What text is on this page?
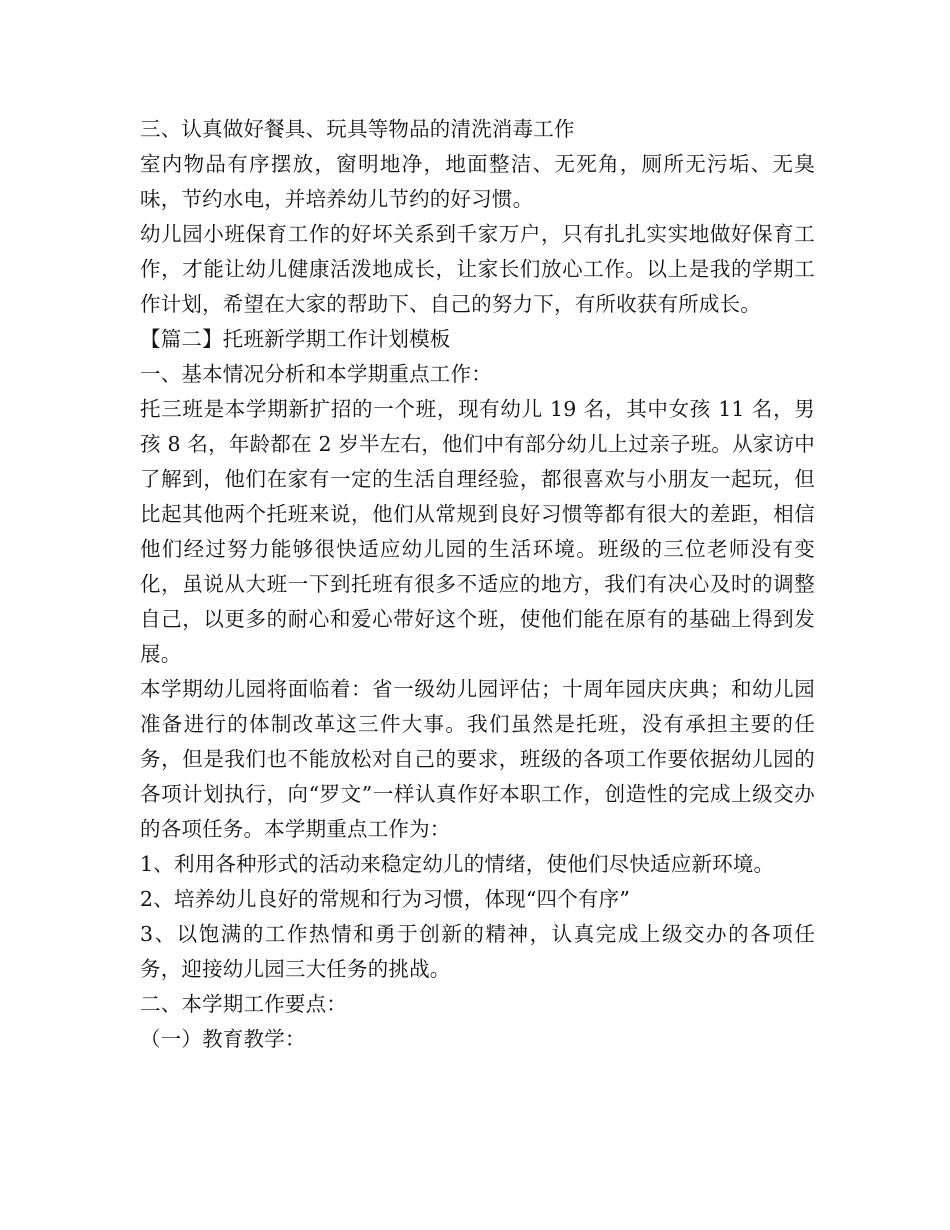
三、认真做好餐具、玩具等物品的清洗消毒工作

室内物品有序摆放，窗明地净，地面整洁、无死角，厕所无污垢、无臭味，节约水电，并培养幼儿节约的好习惯。

幼儿园小班保育工作的好坏关系到千家万户，只有扎扎实实地做好保育工作，才能让幼儿健康活泼地成长，让家长们放心工作。以上是我的学期工作计划，希望在大家的帮助下、自己的努力下，有所收获有所成长。

【篇二】托班新学期工作计划模板

一、基本情况分析和本学期重点工作：

托三班是本学期新扩招的一个班，现有幼儿 19 名，其中女孩 11 名，男孩 8 名，年龄都在 2 岁半左右，他们中有部分幼儿上过亲子班。从家访中了解到，他们在家有一定的生活自理经验，都很喜欢与小朋友一起玩，但比起其他两个托班来说，他们从常规到良好习惯等都有很大的差距，相信他们经过努力能够很快适应幼儿园的生活环境。班级的三位老师没有变化，虽说从大班一下到托班有很多不适应的地方，我们有决心及时的调整自己，以更多的耐心和爱心带好这个班，使他们能在原有的基础上得到发展。

本学期幼儿园将面临着：省一级幼儿园评估；十周年园庆庆典；和幼儿园准备进行的体制改革这三件大事。我们虽然是托班，没有承担主要的任务，但是我们也不能放松对自己的要求，班级的各项工作要依据幼儿园的各项计划执行，向“罗文”一样认真作好本职工作，创造性的完成上级交办的各项任务。本学期重点工作为：

1、利用各种形式的活动来稳定幼儿的情绪，使他们尽快适应新环境。

2、培养幼儿良好的常规和行为习惯，体现“四个有序”

3、以饱满的工作热情和勇于创新的精神，认真完成上级交办的各项任务，迎接幼儿园三大任务的挑战。

二、本学期工作要点：

（一）教育教学：
